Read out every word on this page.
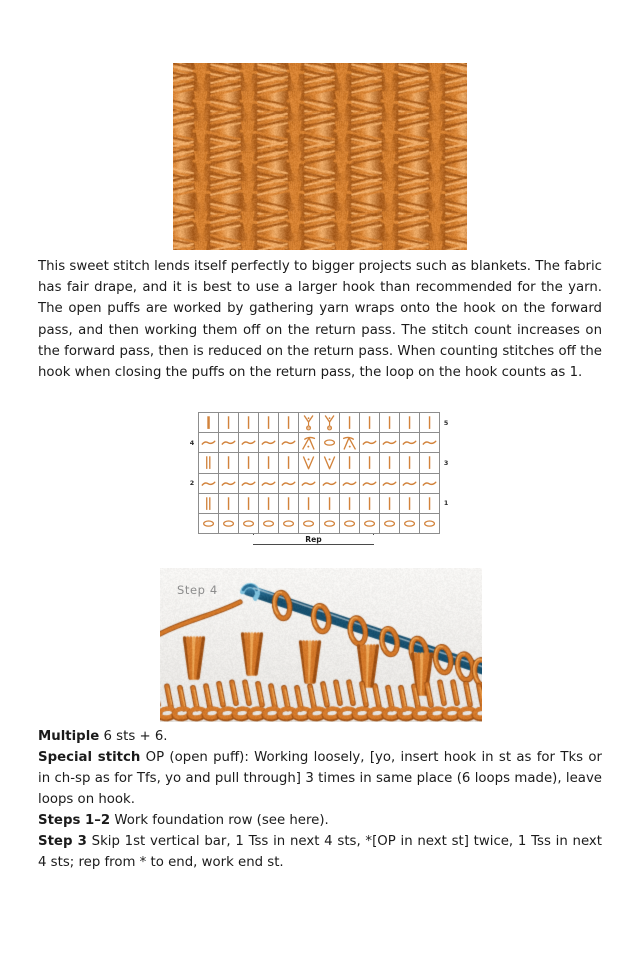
This sweet stitch lends itself perfectly to bigger projects such as blankets. The fabric has fair drape, and it is best to use a larger hook than recommended for the yarn. The open puffs are worked by gathering yarn wraps onto the hook on the forward pass, and then working them off on the return pass. The stitch count increases on the forward pass, then is reduced on the return pass. When counting stitches off the hook when closing the puffs on the return pass, the loop on the hook counts as 1.

	5
4	

	3
2	

	1

Rep
Step 4

Multiple 6 sts + 6.

Special stitch OP (open puff): Working loosely, [yo, insert hook in st as for Tks or in ch-sp as for Tfs, yo and pull through] 3 times in same place (6 loops made), leave loops on hook.

Steps 1–2 Work foundation row (see here).

Step 3 Skip 1st vertical bar, 1 Tss in next 4 sts, *[OP in next st] twice, 1 Tss in next 4 sts; rep from * to end, work end st.
